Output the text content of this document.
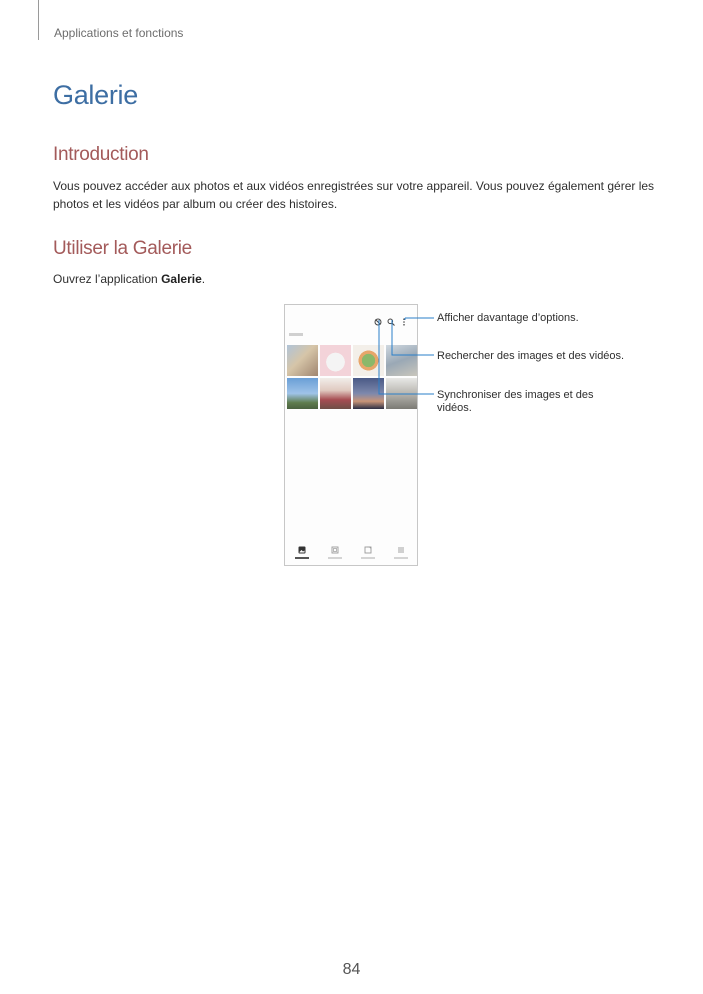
Applications et fonctions
Galerie
Introduction
Vous pouvez accéder aux photos et aux vidéos enregistrées sur votre appareil. Vous pouvez également gérer les photos et les vidéos par album ou créer des histoires.
Utiliser la Galerie
Ouvrez l’application Galerie.
Afficher davantage d’options.
Rechercher des images et des vidéos.
Synchroniser des images et des vidéos.
84
